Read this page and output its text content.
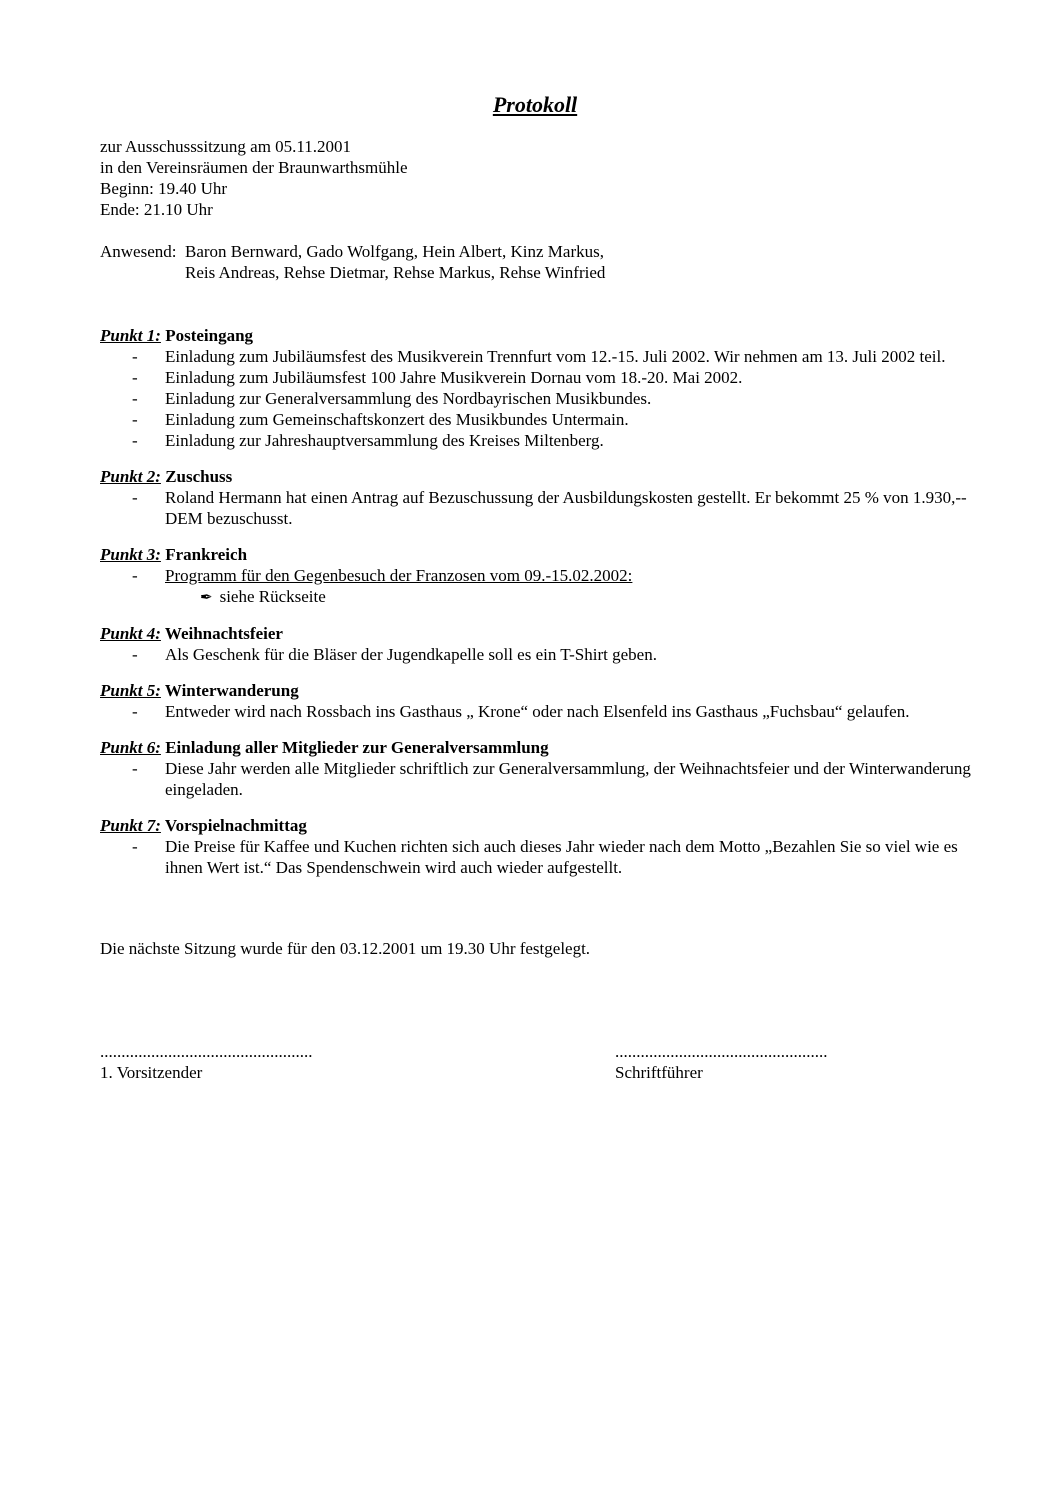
Protokoll

zur Ausschusssitzung am 05.11.2001

in den Vereinsräumen der Braunwarthsmühle

Beginn: 19.40 Uhr

Ende: 21.10 Uhr

Anwesend: Baron Bernward, Gado Wolfgang, Hein Albert, Kinz Markus,

Reis Andreas, Rehse Dietmar, Rehse Markus, Rehse Winfried

Punkt 1: Posteingang

- Einladung zum Jubiläumsfest des Musikverein Trennfurt vom 12.-15. Juli 2002. Wir nehmen am 13. Juli 2002 teil.
- Einladung zum Jubiläumsfest 100 Jahre Musikverein Dornau vom 18.-20. Mai 2002.
- Einladung zur Generalversammlung des Nordbayrischen Musikbundes.
- Einladung zum Gemeinschaftskonzert des Musikbundes Untermain.
- Einladung zur Jahreshauptversammlung des Kreises Miltenberg.

Punkt 2: Zuschuss

- Roland Hermann hat einen Antrag auf Bezuschussung der Ausbildungskosten gestellt. Er bekommt 25 % von 1.930,-- DEM bezuschusst.

Punkt 3: Frankreich

- Programm für den Gegenbesuch der Franzosen vom 09.-15.02.2002:
✒ siehe Rückseite

Punkt 4: Weihnachtsfeier

- Als Geschenk für die Bläser der Jugendkapelle soll es ein T-Shirt geben.

Punkt 5: Winterwanderung

- Entweder wird nach Rossbach ins Gasthaus „ Krone“ oder nach Elsenfeld ins Gasthaus „Fuchsbau“ gelaufen.

Punkt 6: Einladung aller Mitglieder zur Generalversammlung

- Diese Jahr werden alle Mitglieder schriftlich zur Generalversammlung, der Weihnachtsfeier und der Winterwanderung eingeladen.

Punkt 7: Vorspielnachmittag

- Die Preise für Kaffee und Kuchen richten sich auch dieses Jahr wieder nach dem Motto „Bezahlen Sie so viel wie es ihnen Wert ist.“ Das Spendenschwein wird auch wieder aufgestellt.

Die nächste Sitzung wurde für den 03.12.2001 um 19.30 Uhr festgelegt.

..................................................

1. Vorsitzender

..................................................

Schriftführer
